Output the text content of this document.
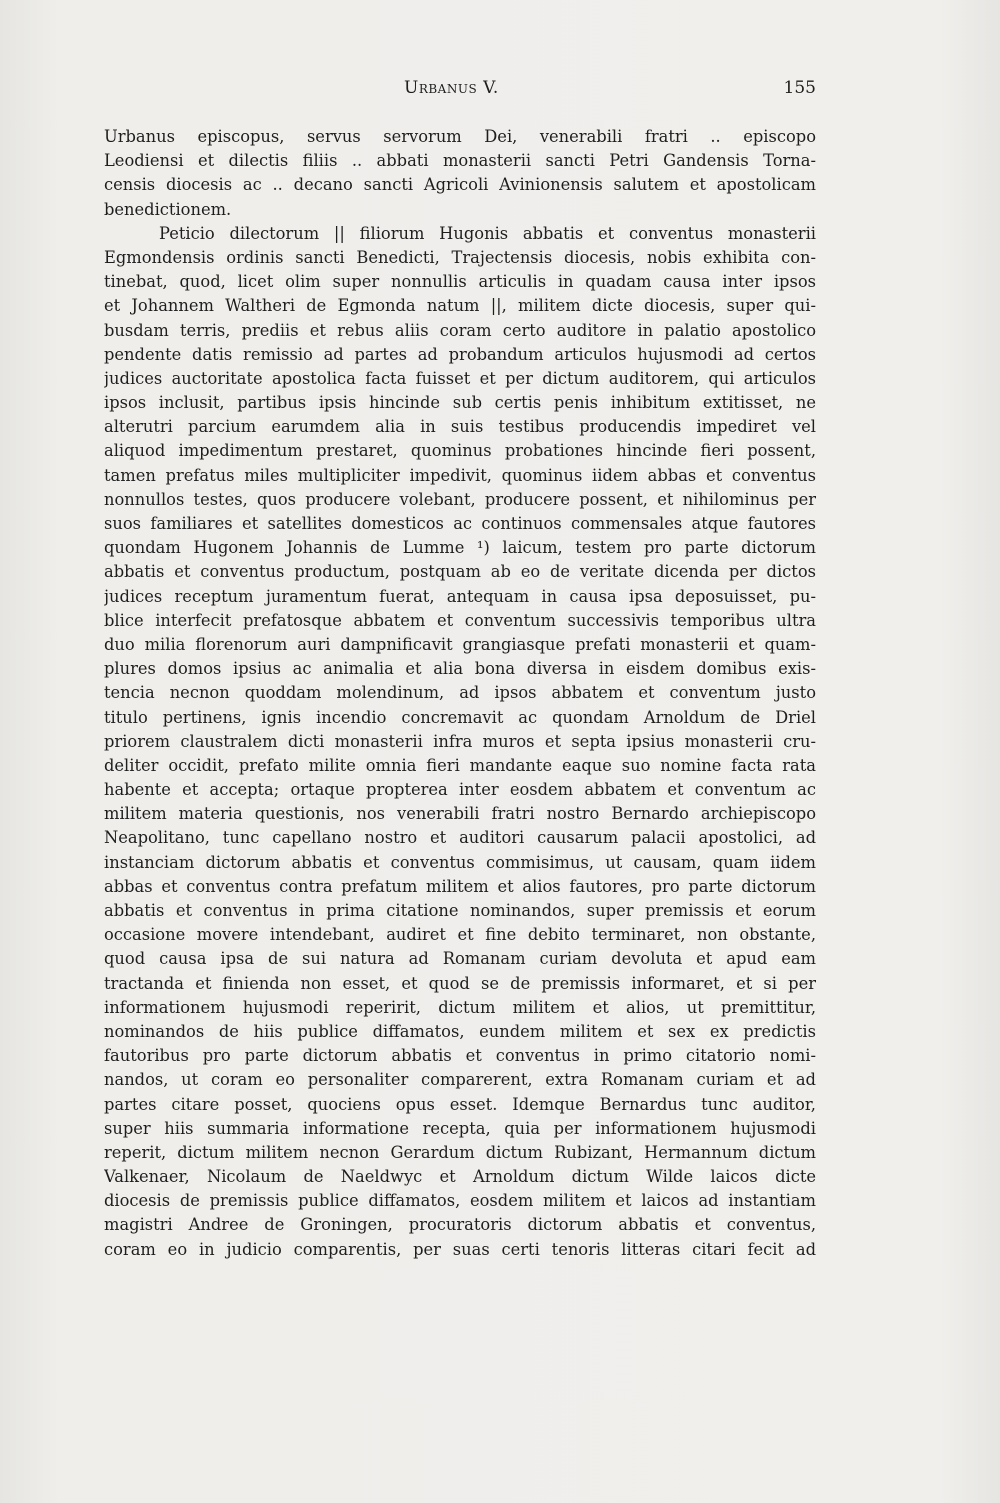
Urbanus V.	155
Urbanus episcopus, servus servorum Dei, venerabili fratri .. episcopo
Leodiensi et dilectis filiis .. abbati monasterii sancti Petri Gandensis Torna-
censis diocesis ac .. decano sancti Agricoli Avinionensis salutem et apostolicam
benedictionem.
Peticio dilectorum || filiorum Hugonis abbatis et conventus monasterii
Egmondensis ordinis sancti Benedicti, Trajectensis diocesis, nobis exhibita con-
tinebat, quod, licet olim super nonnullis articulis in quadam causa inter ipsos
et Johannem Waltheri de Egmonda natum ||, militem dicte diocesis, super qui-
busdam terris, prediis et rebus aliis coram certo auditore in palatio apostolico
pendente datis remissio ad partes ad probandum articulos hujusmodi ad certos
judices auctoritate apostolica facta fuisset et per dictum auditorem, qui articulos
ipsos inclusit, partibus ipsis hincinde sub certis penis inhibitum extitisset, ne
alterutri parcium earumdem alia in suis testibus producendis impediret vel
aliquod impedimentum prestaret, quominus probationes hincinde fieri possent,
tamen prefatus miles multipliciter impedivit, quominus iidem abbas et conventus
nonnullos testes, quos producere volebant, producere possent, et nihilominus per
suos familiares et satellites domesticos ac continuos commensales atque fautores
quondam Hugonem Johannis de Lumme ¹) laicum, testem pro parte dictorum
abbatis et conventus productum, postquam ab eo de veritate dicenda per dictos
judices receptum juramentum fuerat, antequam in causa ipsa deposuisset, pu-
blice interfecit prefatosque abbatem et conventum successivis temporibus ultra
duo milia florenorum auri dampnificavit grangiasque prefati monasterii et quam-
plures domos ipsius ac animalia et alia bona diversa in eisdem domibus exis-
tencia necnon quoddam molendinum, ad ipsos abbatem et conventum justo
titulo pertinens, ignis incendio concremavit ac quondam Arnoldum de Driel
priorem claustralem dicti monasterii infra muros et septa ipsius monasterii cru-
deliter occidit, prefato milite omnia fieri mandante eaque suo nomine facta rata
habente et accepta; ortaque propterea inter eosdem abbatem et conventum ac
militem materia questionis, nos venerabili fratri nostro Bernardo archiepiscopo
Neapolitano, tunc capellano nostro et auditori causarum palacii apostolici, ad
instanciam dictorum abbatis et conventus commisimus, ut causam, quam iidem
abbas et conventus contra prefatum militem et alios fautores, pro parte dictorum
abbatis et conventus in prima citatione nominandos, super premissis et eorum
occasione movere intendebant, audiret et fine debito terminaret, non obstante,
quod causa ipsa de sui natura ad Romanam curiam devoluta et apud eam
tractanda et finienda non esset, et quod se de premissis informaret, et si per
informationem hujusmodi reperirit, dictum militem et alios, ut premittitur,
nominandos de hiis publice diffamatos, eundem militem et sex ex predictis
fautoribus pro parte dictorum abbatis et conventus in primo citatorio nomi-
nandos, ut coram eo personaliter comparerent, extra Romanam curiam et ad
partes citare posset, quociens opus esset. Idemque Bernardus tunc auditor,
super hiis summaria informatione recepta, quia per informationem hujusmodi
reperit, dictum militem necnon Gerardum dictum Rubizant, Hermannum dictum
Valkenaer, Nicolaum de Naeldwyc et Arnoldum dictum Wilde laicos dicte
diocesis de premissis publice diffamatos, eosdem militem et laicos ad instantiam
magistri Andree de Groningen, procuratoris dictorum abbatis et conventus,
coram eo in judicio comparentis, per suas certi tenoris litteras citari fecit ad
